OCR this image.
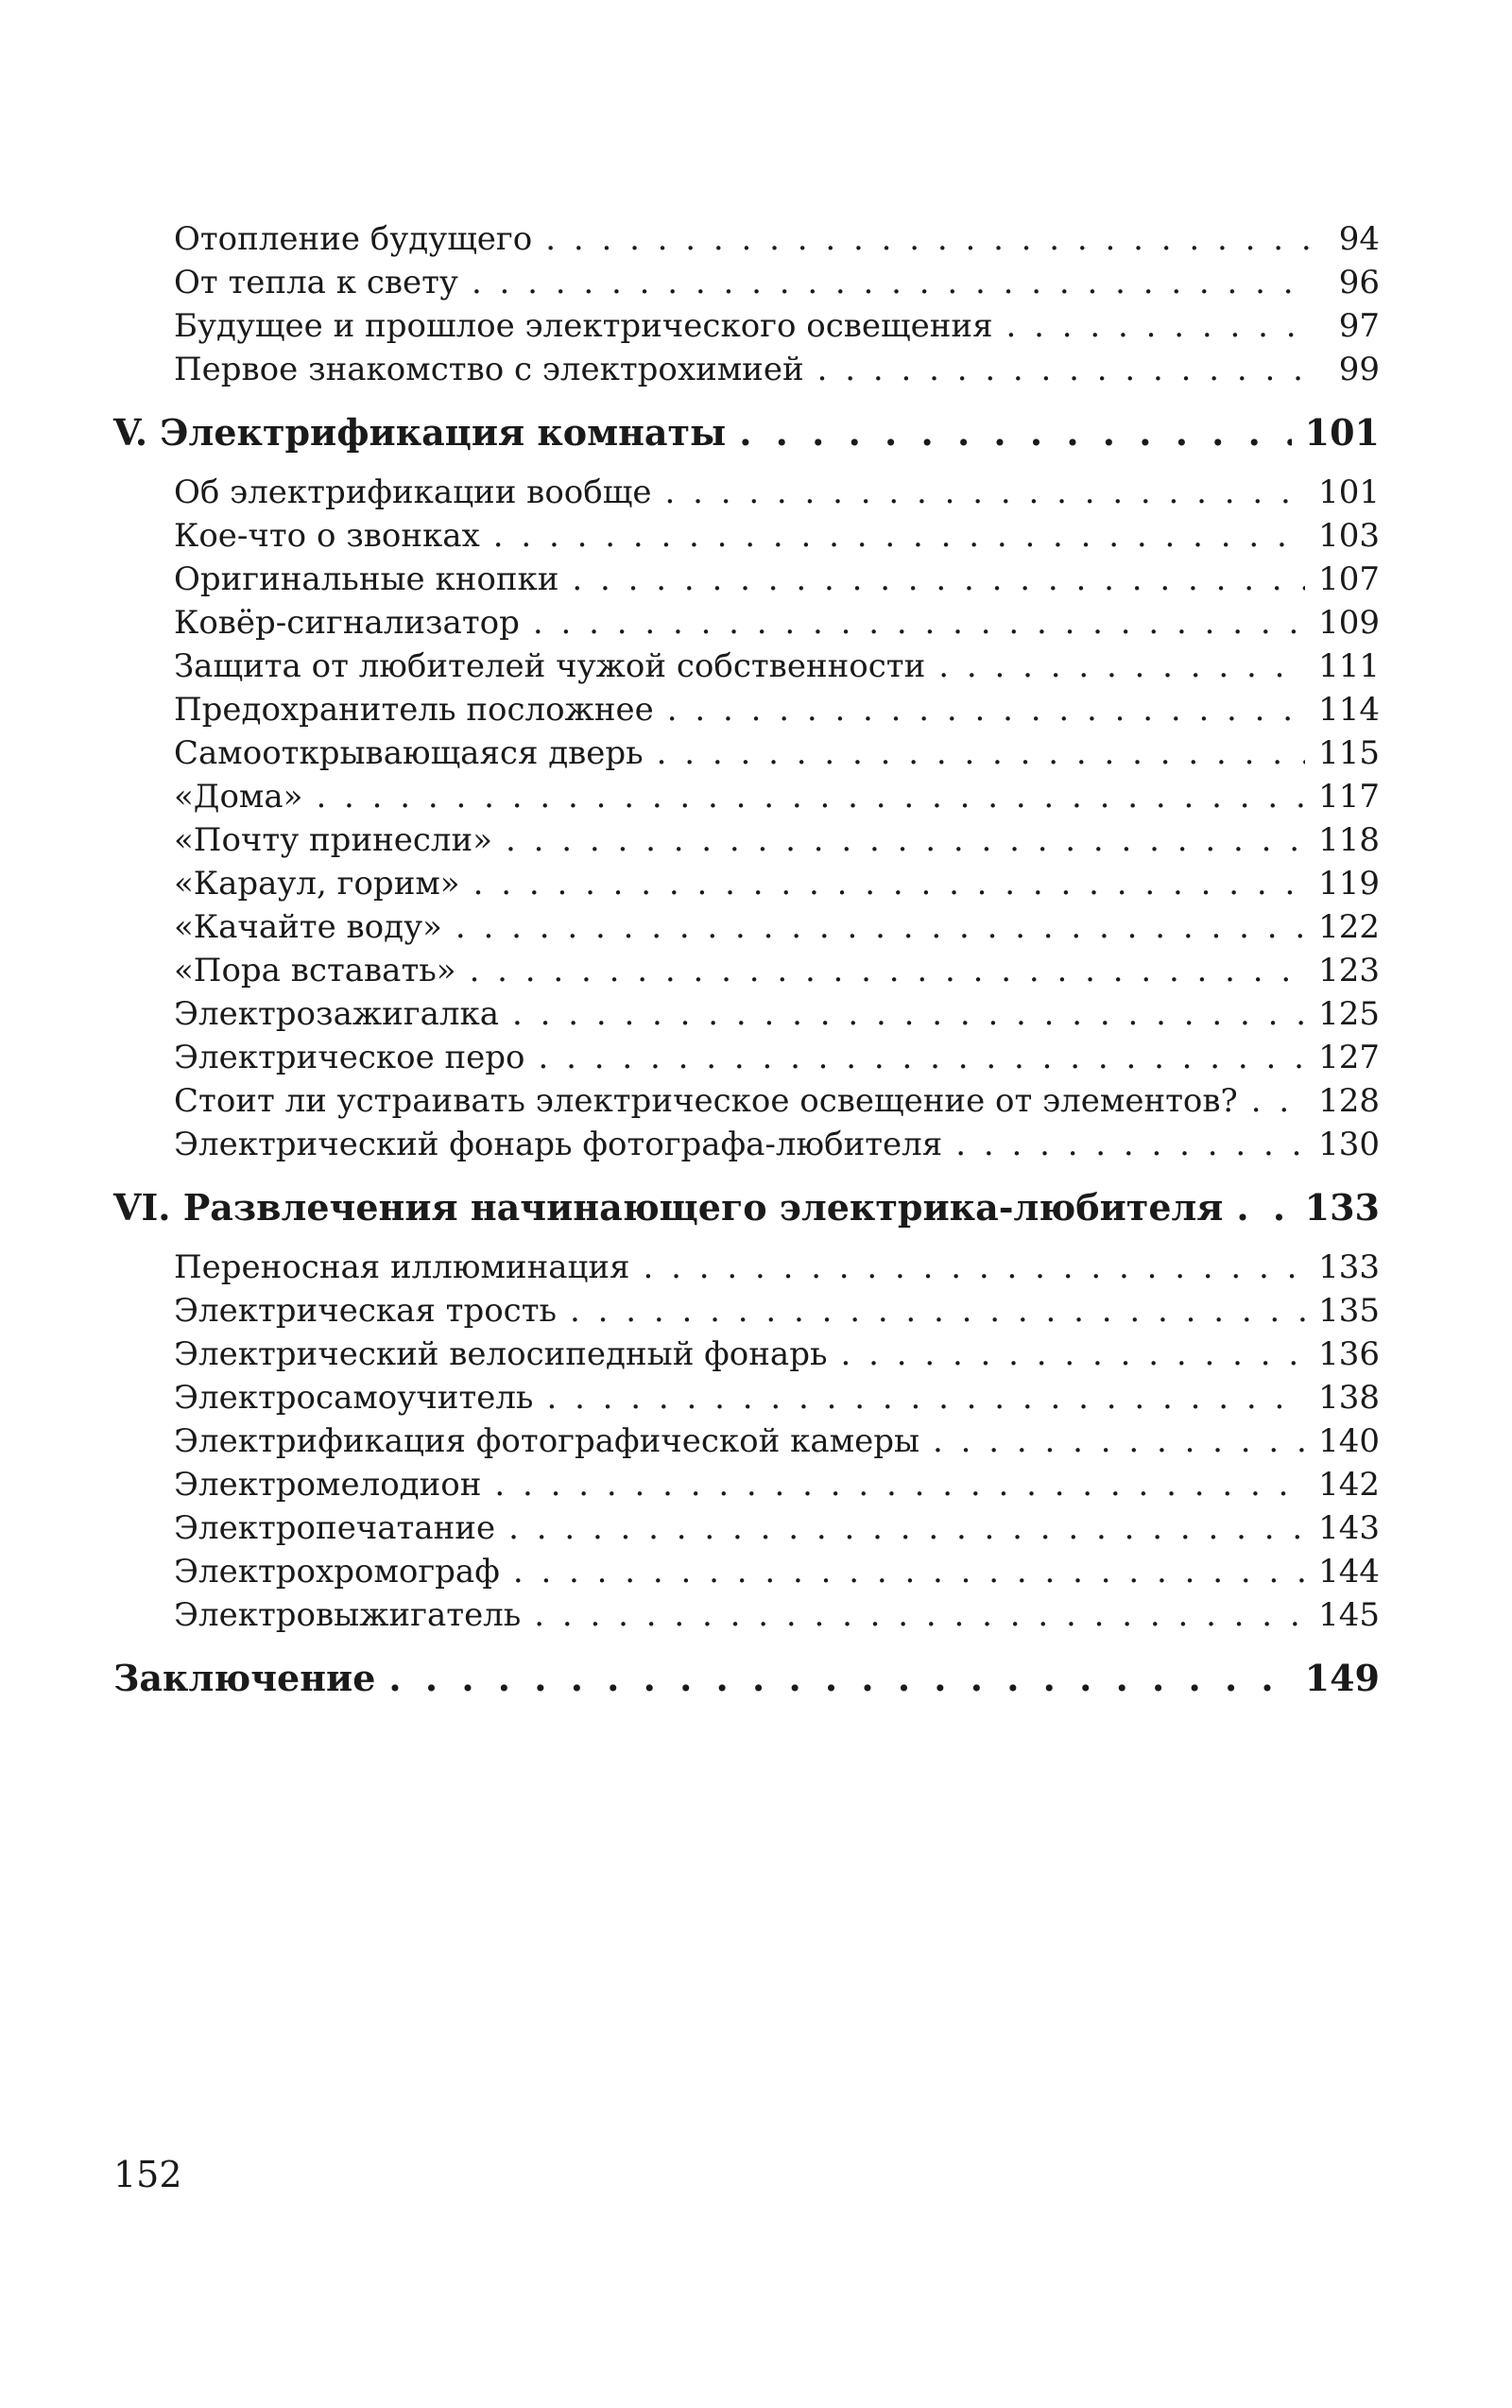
Отопление будущего . . .	94
От тепла к свету . . .	96
Будущее и прошлое электрического освещения . . .	97
Первое знакомство с электрохимией . . .	99
V. Электрификация комнаты . . .	101
Об электрификации вообще . . .	101
Кое-что о звонках . . .	103
Оригинальные кнопки . . .	107
Ковёр-сигнализатор . . .	109
Защита от любителей чужой собственности . . .	111
Предохранитель посложнее . . .	114
Самооткрывающаяся дверь . . .	115
«Дома» . . .	117
«Почту принесли» . . .	118
«Караул, горим» . . .	119
«Качайте воду» . . .	122
«Пора вставать» . . .	123
Электрозажигалка . . .	125
Электрическое перо . . .	127
Стоит ли устраивать электрическое освещение от элементов? . . .	128
Электрический фонарь фотографа-любителя . . .	130
VI. Развлечения начинающего электрика-любителя . . . 133
Переносная иллюминация . . .	133
Электрическая трость . . .	135
Электрический велосипедный фонарь . . .	136
Электросамоучитель . . .	138
Электрификация фотографической камеры . . .	140
Электромелодион . . .	142
Электропечатание . . .	143
Электрохромограф . . .	144
Электровыжигатель . . .	145
Заключение . . .	149
152
